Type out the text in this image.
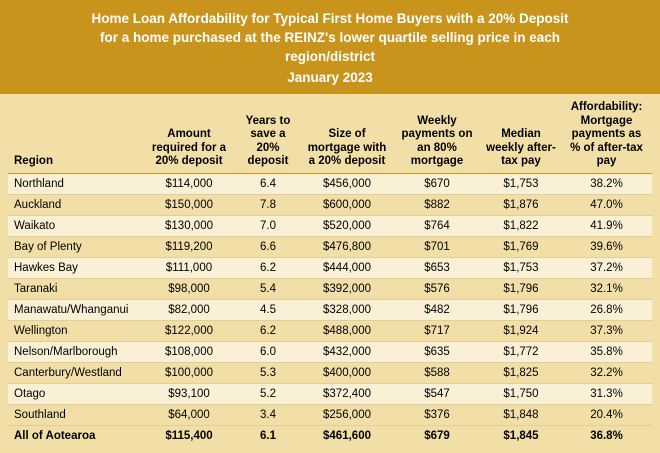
Home Loan Affordability for Typical First Home Buyers with a 20% Deposit
for a home purchased at the REINZ's lower quartile selling price in each
region/district
January 2023
Region	Amount required for a 20% deposit	Years to save a 20% deposit	Size of mortgage with a 20% deposit	Weekly payments on an 80% mortgage	Median weekly after-tax pay	Affordability: Mortgage payments as % of after-tax pay
Northland	$114,000	6.4	$456,000	$670	$1,753	38.2%
Auckland	$150,000	7.8	$600,000	$882	$1,876	47.0%
Waikato	$130,000	7.0	$520,000	$764	$1,822	41.9%
Bay of Plenty	$119,200	6.6	$476,800	$701	$1,769	39.6%
Hawkes Bay	$111,000	6.2	$444,000	$653	$1,753	37.2%
Taranaki	$98,000	5.4	$392,000	$576	$1,796	32.1%
Manawatu/Whanganui	$82,000	4.5	$328,000	$482	$1,796	26.8%
Wellington	$122,000	6.2	$488,000	$717	$1,924	37.3%
Nelson/Marlborough	$108,000	6.0	$432,000	$635	$1,772	35.8%
Canterbury/Westland	$100,000	5.3	$400,000	$588	$1,825	32.2%
Otago	$93,100	5.2	$372,400	$547	$1,750	31.3%
Southland	$64,000	3.4	$256,000	$376	$1,848	20.4%
All of Aotearoa	$115,400	6.1	$461,600	$679	$1,845	36.8%
